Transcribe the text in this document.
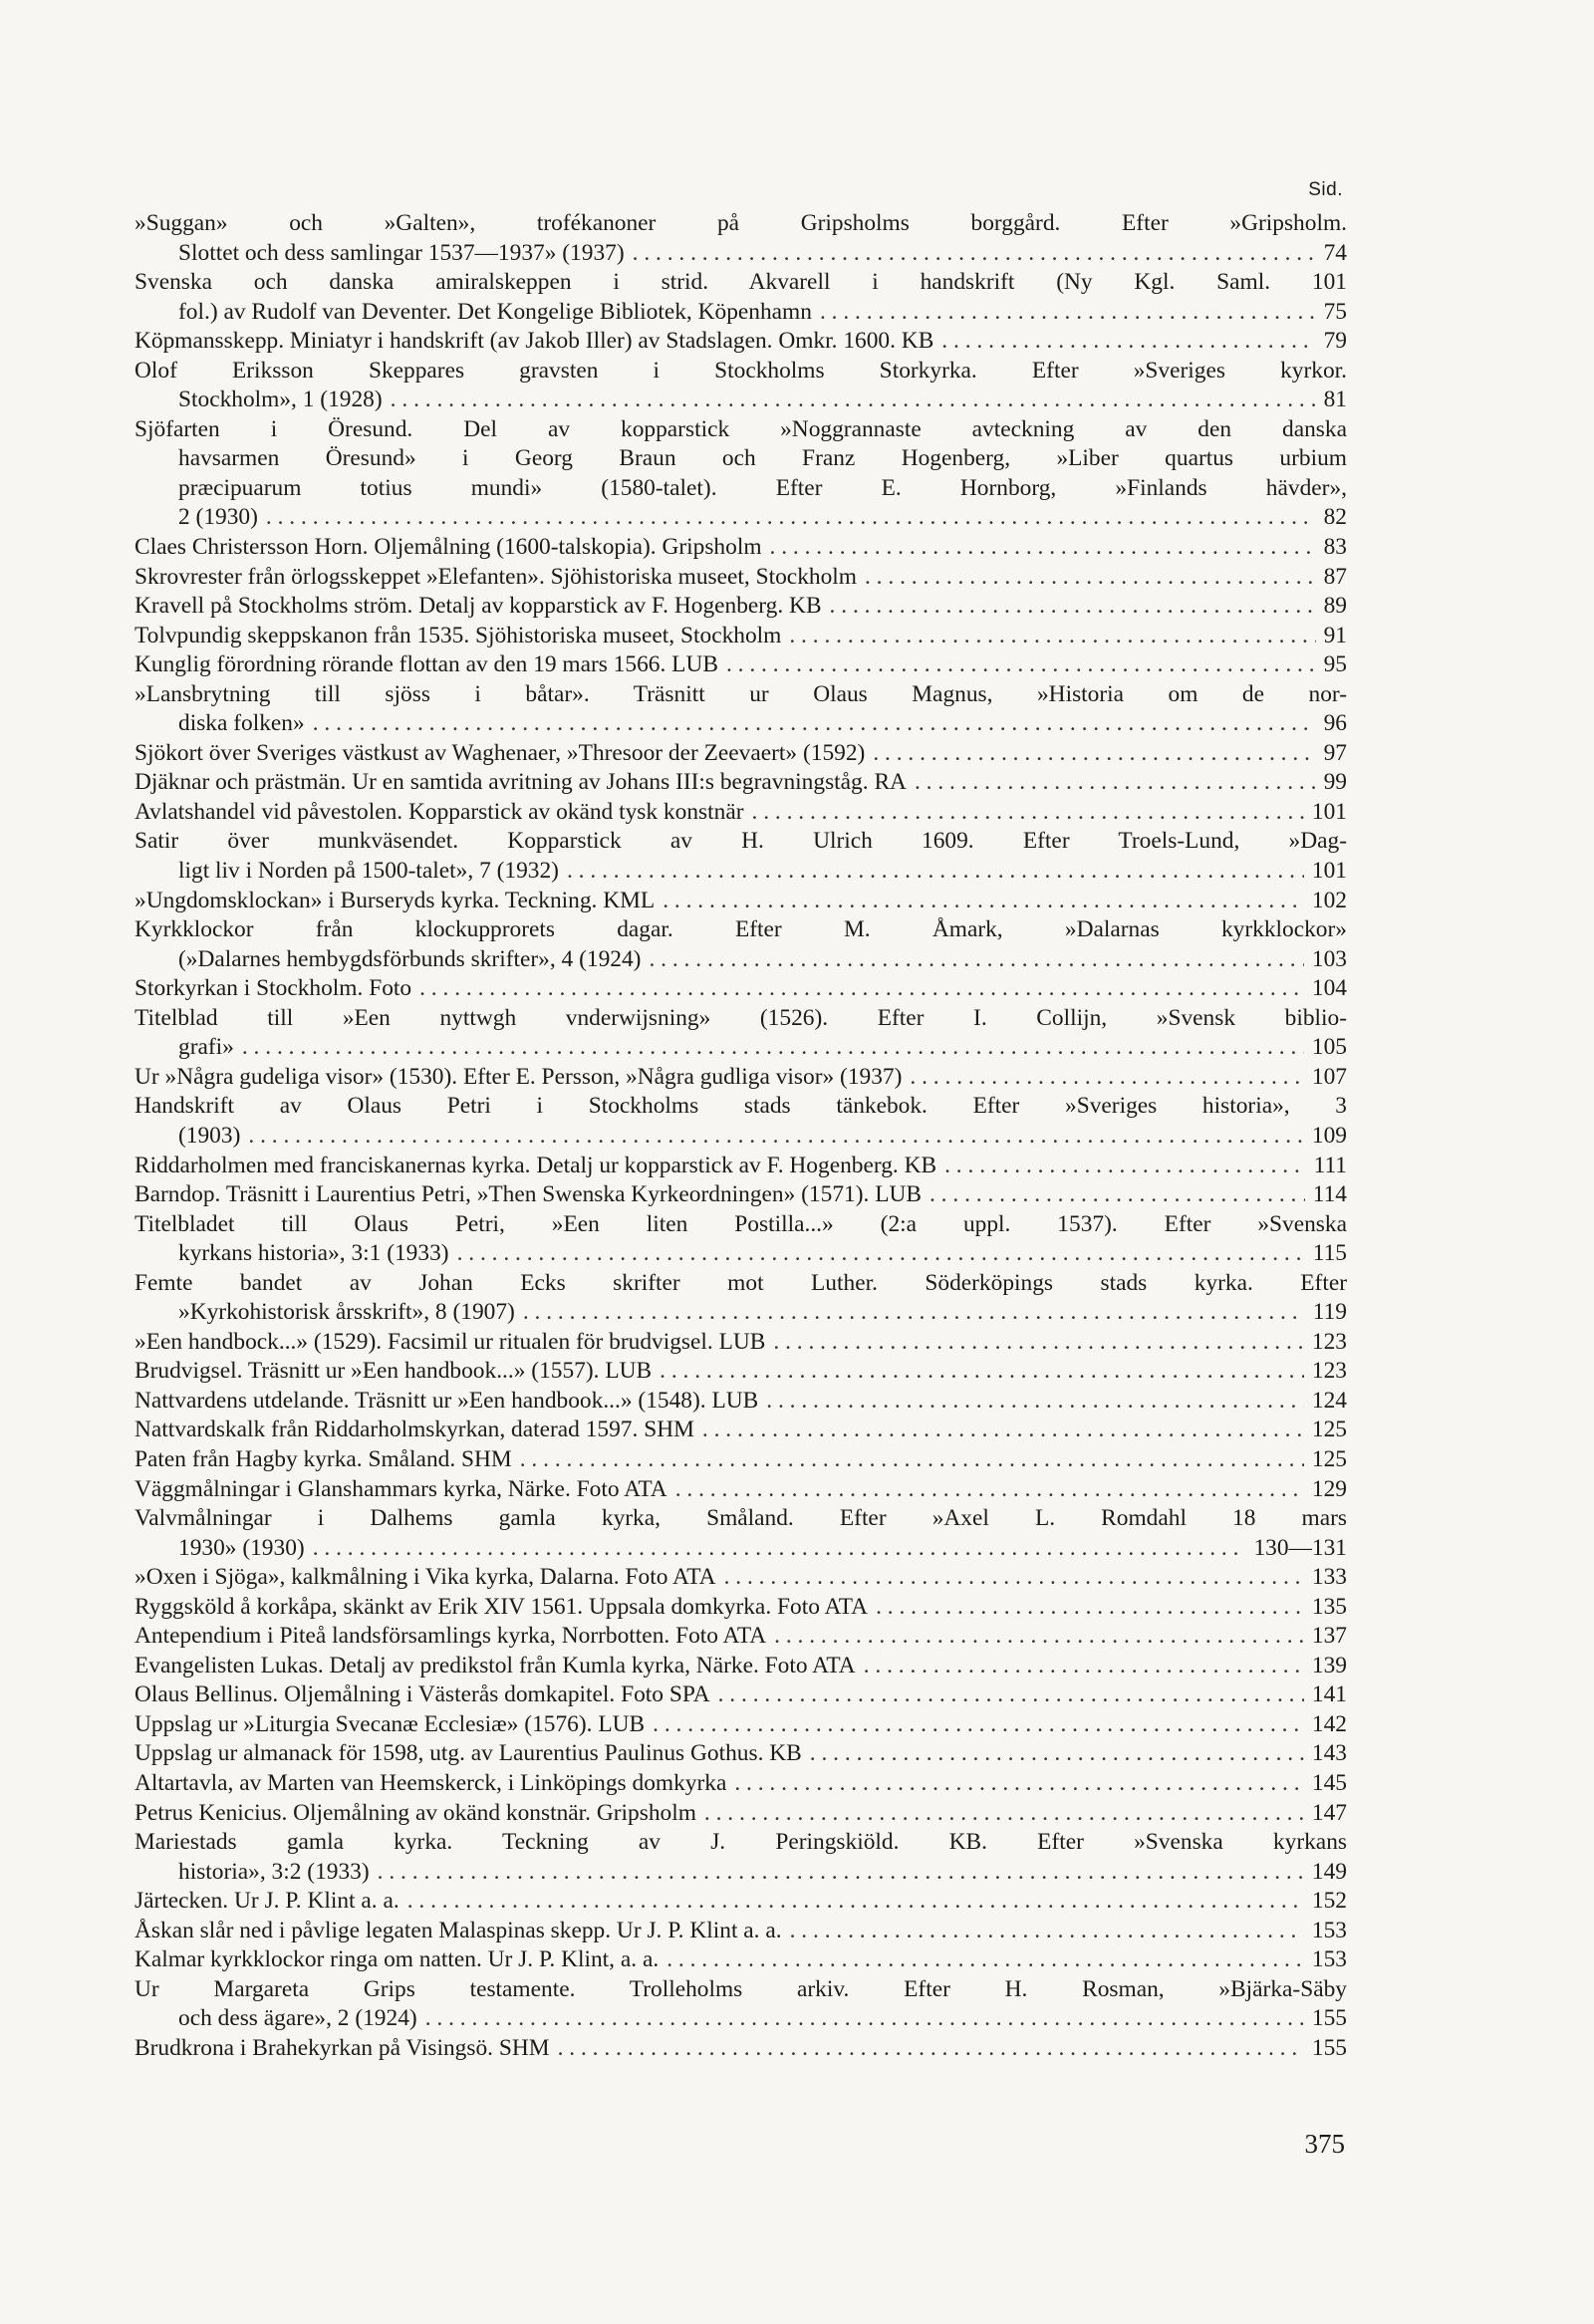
Sid.
»Suggan» och »Galten», trofékanoner på Gripsholms borggård. Efter »Gripsholm.
Slottet och dess samlingar 1537—1937» (1937) . . .	74
Svenska och danska amiralskeppen i strid. Akvarell i handskrift (Ny Kgl. Saml. 101
fol.) av Rudolf van Deventer. Det Kongelige Bibliotek, Köpenhamn . . .	75
Köpmansskepp. Miniatyr i handskrift (av Jakob Iller) av Stadslagen. Omkr. 1600. KB . . .	79
Olof Eriksson Skeppares gravsten i Stockholms Storkyrka. Efter »Sveriges kyrkor.
Stockholm», 1 (1928) . . .	81
Sjöfarten i Öresund. Del av kopparstick »Noggrannaste avteckning av den danska
havsarmen Öresund» i Georg Braun och Franz Hogenberg, »Liber quartus urbium
præcipuarum totius mundi» (1580-talet). Efter E. Hornborg, »Finlands hävder»,
2 (1930) . . .	82
Claes Christersson Horn. Oljemålning (1600-talskopia). Gripsholm . . .	83
Skrovrester från örlogsskeppet »Elefanten». Sjöhistoriska museet, Stockholm . . .	87
Kravell på Stockholms ström. Detalj av kopparstick av F. Hogenberg. KB . . .	89
Tolvpundig skeppskanon från 1535. Sjöhistoriska museet, Stockholm . . .	91
Kunglig förordning rörande flottan av den 19 mars 1566. LUB . . .	95
»Lansbrytning till sjöss i båtar». Träsnitt ur Olaus Magnus, »Historia om de nor-
diska folken» . . .	96
Sjökort över Sveriges västkust av Waghenaer, »Thresoor der Zeevaert» (1592) . . .	97
Djäknar och prästmän. Ur en samtida avritning av Johans III:s begravningståg. RA . . .	99
Avlatshandel vid påvestolen. Kopparstick av okänd tysk konstnär . . .	101
Satir över munkväsendet. Kopparstick av H. Ulrich 1609. Efter Troels-Lund, »Dag-
ligt liv i Norden på 1500-talet», 7 (1932) . . .	101
»Ungdomsklockan» i Burseryds kyrka. Teckning. KML . . .	102
Kyrkklockor från klockupprorets dagar. Efter M. Åmark, »Dalarnas kyrkklockor»
(»Dalarnes hembygdsförbunds skrifter», 4 (1924) . . .	103
Storkyrkan i Stockholm. Foto . . .	104
Titelblad till »Een nyttwgh vnderwijsning» (1526). Efter I. Collijn, »Svensk biblio-
grafi» . . .	105
Ur »Några gudeliga visor» (1530). Efter E. Persson, »Några gudliga visor» (1937) . . .	107
Handskrift av Olaus Petri i Stockholms stads tänkebok. Efter »Sveriges historia», 3
(1903) . . .	109
Riddarholmen med franciskanernas kyrka. Detalj ur kopparstick av F. Hogenberg. KB . . .	111
Barndop. Träsnitt i Laurentius Petri, »Then Swenska Kyrkeordningen» (1571). LUB . . .	114
Titelbladet till Olaus Petri, »Een liten Postilla...» (2:a uppl. 1537). Efter »Svenska
kyrkans historia», 3:1 (1933) . . .	115
Femte bandet av Johan Ecks skrifter mot Luther. Söderköpings stads kyrka. Efter
»Kyrkohistorisk årsskrift», 8 (1907) . . .	119
»Een handbock...» (1529). Facsimil ur ritualen för brudvigsel. LUB . . .	123
Brudvigsel. Träsnitt ur »Een handbook...» (1557). LUB . . .	123
Nattvardens utdelande. Träsnitt ur »Een handbook...» (1548). LUB . . .	124
Nattvardskalk från Riddarholmskyrkan, daterad 1597. SHM . . .	125
Paten från Hagby kyrka. Småland. SHM . . .	125
Väggmålningar i Glanshammars kyrka, Närke. Foto ATA . . .	129
Valvmålningar i Dalhems gamla kyrka, Småland. Efter »Axel L. Romdahl 18 mars
1930» (1930) . . .	130—131
»Oxen i Sjöga», kalkmålning i Vika kyrka, Dalarna. Foto ATA . . .	133
Ryggsköld å korkåpa, skänkt av Erik XIV 1561. Uppsala domkyrka. Foto ATA . . .	135
Antependium i Piteå landsförsamlings kyrka, Norrbotten. Foto ATA . . .	137
Evangelisten Lukas. Detalj av predikstol från Kumla kyrka, Närke. Foto ATA . . .	139
Olaus Bellinus. Oljemålning i Västerås domkapitel. Foto SPA . . .	141
Uppslag ur »Liturgia Svecanæ Ecclesiæ» (1576). LUB . . .	142
Uppslag ur almanack för 1598, utg. av Laurentius Paulinus Gothus. KB . . .	143
Altartavla, av Marten van Heemskerck, i Linköpings domkyrka . . .	145
Petrus Kenicius. Oljemålning av okänd konstnär. Gripsholm . . .	147
Mariestads gamla kyrka. Teckning av J. Peringskiöld. KB. Efter »Svenska kyrkans
historia», 3:2 (1933) . . .	149
Järtecken. Ur J. P. Klint a. a. . . .	152
Åskan slår ned i påvlige legaten Malaspinas skepp. Ur J. P. Klint a. a. . . .	153
Kalmar kyrkklockor ringa om natten. Ur J. P. Klint, a. a. . . .	153
Ur Margareta Grips testamente. Trolleholms arkiv. Efter H. Rosman, »Bjärka-Säby
och dess ägare», 2 (1924) . . .	155
Brudkrona i Brahekyrkan på Visingsö. SHM . . .	155
375
